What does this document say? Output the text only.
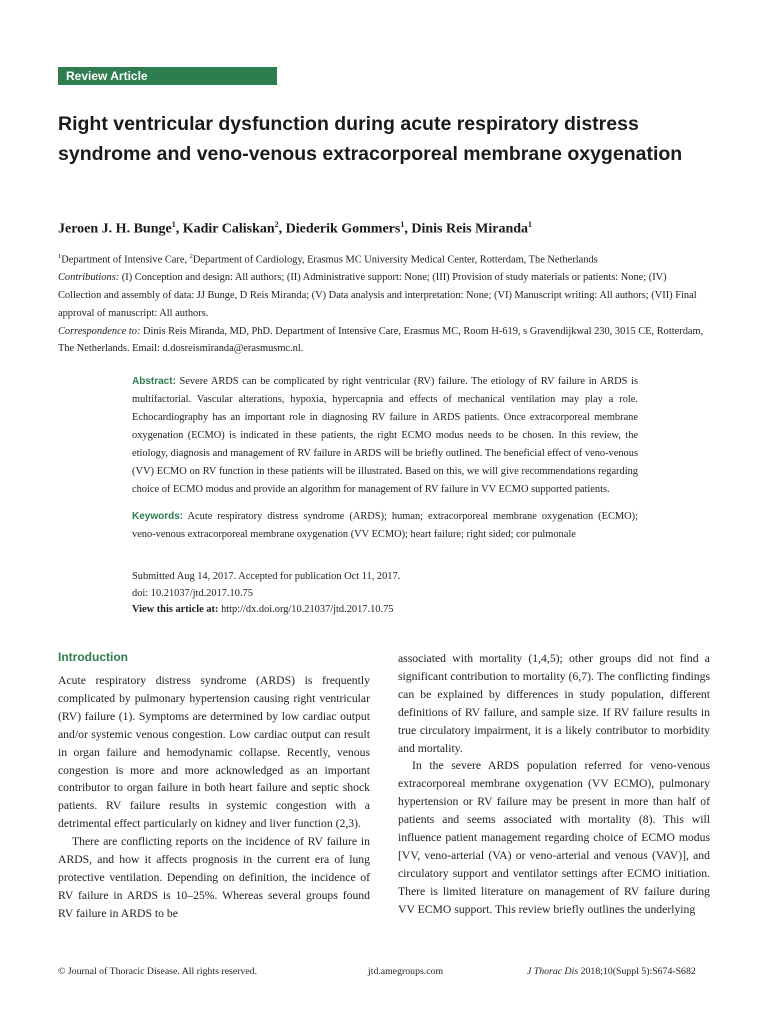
Review Article
Right ventricular dysfunction during acute respiratory distress syndrome and veno-venous extracorporeal membrane oxygenation
Jeroen J. H. Bunge$^1$, Kadir Caliskan$^2$, Diederik Gommers$^1$, Dinis Reis Miranda$^1$

$^1$Department of Intensive Care, $^2$Department of Cardiology, Erasmus MC University Medical Center, Rotterdam, The Netherlands

Contributions: (I) Conception and design: All authors; (II) Administrative support: None; (III) Provision of study materials or patients: None; (IV) Collection and assembly of data: JJ Bunge, D Reis Miranda; (V) Data analysis and interpretation: None; (VI) Manuscript writing: All authors; (VII) Final approval of manuscript: All authors.

Correspondence to: Dinis Reis Miranda, MD, PhD. Department of Intensive Care, Erasmus MC, Room H-619, s Gravendijkwal 230, 3015 CE, Rotterdam, The Netherlands. Email: d.dosreismiranda@erasmusmc.nl.

Abstract: Severe ARDS can be complicated by right ventricular (RV) failure. The etiology of RV failure in ARDS is multifactorial. Vascular alterations, hypoxia, hypercapnia and effects of mechanical ventilation may play a role. Echocardiography has an important role in diagnosing RV failure in ARDS patients. Once extracorporeal membrane oxygenation (ECMO) is indicated in these patients, the right ECMO modus needs to be chosen. In this review, the etiology, diagnosis and management of RV failure in ARDS will be briefly outlined. The beneficial effect of veno-venous (VV) ECMO on RV function in these patients will be illustrated. Based on this, we will give recommendations regarding choice of ECMO modus and provide an algorithm for management of RV failure in VV ECMO supported patients.

Keywords: Acute respiratory distress syndrome (ARDS); human; extracorporeal membrane oxygenation (ECMO); veno-venous extracorporeal membrane oxygenation (VV ECMO); heart failure; right sided; cor pulmonale

Submitted Aug 14, 2017. Accepted for publication Oct 11, 2017.

doi: 10.21037/jtd.2017.10.75

View this article at: http://dx.doi.org/10.21037/jtd.2017.10.75

Introduction

Acute respiratory distress syndrome (ARDS) is frequently complicated by pulmonary hypertension causing right ventricular (RV) failure (1). Symptoms are determined by low cardiac output and/or systemic venous congestion. Low cardiac output can result in organ failure and hemodynamic collapse. Recently, venous congestion is more and more acknowledged as an important contributor to organ failure in both heart failure and septic shock patients. RV failure results in systemic congestion with a detrimental effect particularly on kidney and liver function (2,3).

There are conflicting reports on the incidence of RV failure in ARDS, and how it affects prognosis in the current era of lung protective ventilation. Depending on definition, the incidence of RV failure in ARDS is 10–25%. Whereas several groups found RV failure in ARDS to be

associated with mortality (1,4,5); other groups did not find a significant contribution to mortality (6,7). The conflicting findings can be explained by differences in study population, different definitions of RV failure, and sample size. If RV failure results in true circulatory impairment, it is a likely contributor to morbidity and mortality.

In the severe ARDS population referred for veno-venous extracorporeal membrane oxygenation (VV ECMO), pulmonary hypertension or RV failure may be present in more than half of patients and seems associated with mortality (8). This will influence patient management regarding choice of ECMO modus [VV, veno-arterial (VA) or veno-arterial and venous (VAV)], and circulatory support and ventilator settings after ECMO initiation. There is limited literature on management of RV failure during VV ECMO support. This review briefly outlines the underlying

© Journal of Thoracic Disease. All rights reserved.	jtd.amegroups.com	J Thorac Dis 2018;10(Suppl 5):S674-S682
